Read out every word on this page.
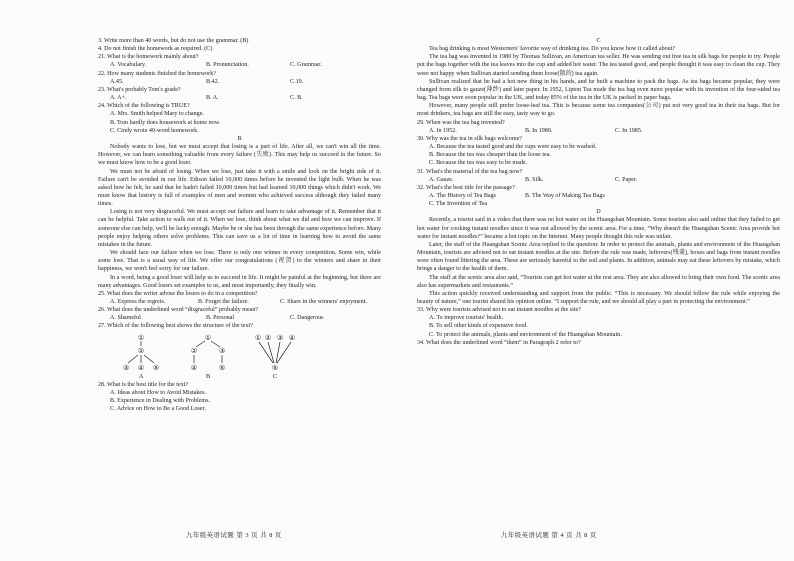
3. Write more than 40 words, but do not use the grammar. (B)
4. Do not finish the homework as required. (C)
21. What is the homework mainly about?
A. Vocabulary.	B. Pronunciation.	C. Grammar.
22. How many students finished the homework?
A.45.	B.42.	C.19.
23. What's probably Tom's grade?
A. A+.	B. A.	C. B.
24. Which of the following is TRUE?
A. Mrs. Smith helped Mary to change.
B. Tom hardly does housework at home now.
C. Cindy wrote 40-word homework.
B
Nobody wants to lose, but we must accept that losing is a part of life. After all, we can't win all the time. However, we can learn something valuable from every failure (失败). This may help us succeed in the future. So we must know how to be a good loser.
We must not be afraid of losing. When we lose, just take it with a smile and look on the bright side of it. Failure can't be avoided in our life. Edison failed 10,000 times before he invented the light bulb. When he was asked how he felt, he said that he hadn't failed 10,000 times but had learned 10,000 things which didn't work. We must know that history is full of examples of men and women who achieved success although they failed many times.
Losing is not very disgraceful. We must accept our failure and learn to take advantage of it. Remember that it can be helpful. Take action to walk out of it. When we lose, think about what we did and how we can improve. If someone else can help, we'll be lucky enough. Maybe he or she has been through the same experience before. Many people enjoy helping others solve problems. This can save us a lot of time in learning how to avoid the same mistakes in the future.
We should face our failure when we lose. There is only one winner in every competition. Some win, while some lose. That is a usual way of life. We offer our congratulations (祝贺) to the winners and share in their happiness, we won't feel sorry for our failure.
In a word, being a good loser will help us to succeed in life. It might be painful at the beginning, but there are many advantages. Good losers set examples to us, and most importantly, they finally win.
25. What does the writer advise the losers to do in a competition?
A. Express the regrets.	B. Forget the failure.	C. Share in the winners' enjoyment.
26. What does the underlined word “disgraceful” probably mean?
A. Shameful	B. Personal	C. Dangerous
27. Which of the following best shows the structure of the text?
①
②
③ ④ ⑤
A
①
②	③
④	⑤
B
① ② ③ ④
⑤
C
28. What is the best title for the text?
A. Ideas about How to Avoid Mistakes.
B. Experience in Dealing with Problems.
C. Advice on How to Be a Good Loser.
九年级英语试题 第 3 页 共 8 页
C
Tea bag drinking is most Westerners' favorite way of drinking tea. Do you know how it called about?
The tea bag was invented in 1980 by Thomas Sullivan, an American tea seller. He was sending out free tea in silk bags for people to try. People put the bags together with the tea leaves into the cup and added hot water. The tea tasted good, and people thought it was easy to clean the cup. They were not happy when Sullivan started sending them loose(散的) tea again.
Sullivan realized that he had a hot new thing in his hands, and he built a machine to pack the bags. As tea bags became popular, they were changed from silk to gauze(薄纱) and later paper. In 1952, Lipton Tea made the tea bag even more popular with its invention of the four-sided tea bag. Tea bags were soon popular in the UK, and today 85% of the tea in the UK is packed in paper bags.
However, many people still prefer loose-leaf tea. This is because some tea companies(公司) put not very good tea in their tea bags. But for most drinkers, tea bags are still the easy, tasty way to go.
29. When was the tea bag invented?
A. In 1952.	B. In 1980.	C. In 1985.
30. Why was the tea in silk bags welcome?
A. Because the tea tasted good and the cups were easy to be washed.
B. Because the tea was cheaper than the loose tea.
C. Because the tea was easy to be made.
31. What's the material of the tea bag now?
A. Gauze.	B. Silk.	C. Paper.
32. What's the best title for the passage?
A. The History of Tea Bags	B. The Way of Making Tea Bags
C. The Invention of Tea
D
Recently, a tourist said in a video that there was no hot water on the Huangshan Mountain. Some tourists also said online that they failed to get hot water for cooking instant noodles since it was not allowed by the scenic area. For a time, “Why doesn't the Huangshan Scenic Area provide hot water for instant noodles?” became a hot topic on the Internet. Many people thought this rule was unfair.
Later, the staff of the Huangshan Scenic Area replied to the question: In order to protect the animals, plants and environment of the Huangshan Mountain, tourists are advised not to eat instant noodles at the site. Before the rule was made, leftovers(残羹), boxes and bags from instant noodles were often found littering the area. These are seriously harmful to the soil and plants. In addition, animals may eat these leftovers by mistake, which brings a danger to the health of them.
The staff at the scenic area also said, “Tourists can get hot water at the rest area. They are also allowed to bring their own food. The scenic area also has supermarkets and restaurants.”
This action quickly received understanding and support from the public. “This is necessary. We should follow the rule while enjoying the beauty of nature,” one tourist shared his opinion online. “I support the rule, and we should all play a part in protecting the environment.”
33. Why were tourists advised not to eat instant noodles at the site?
A. To improve tourists' health.
B. To sell other kinds of expensive food.
C. To protect the animals, plants and environment of the Huangshan Mountain.
34. What does the underlined word “them” in Paragraph 2 refer to?
九年级英语试题 第 4 页 共 8 页
